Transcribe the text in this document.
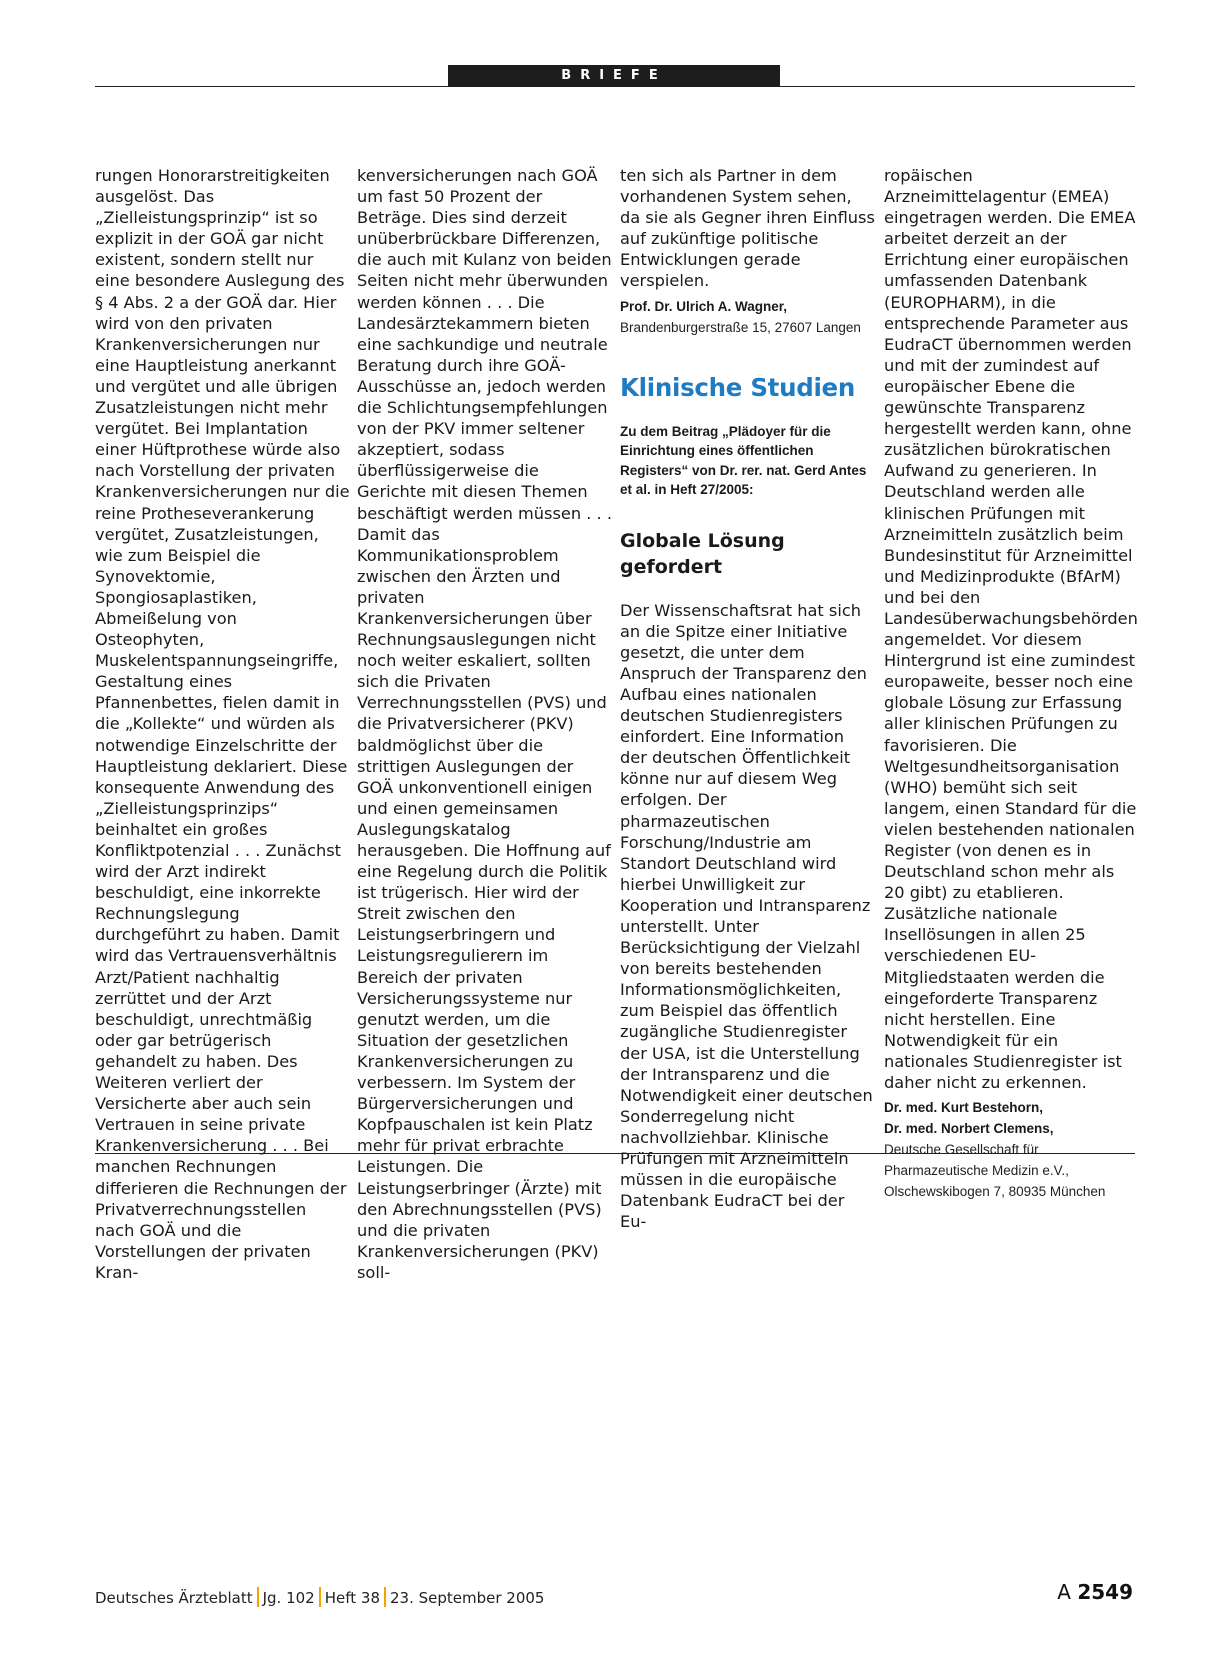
BRIEFE

rungen Honorarstreitigkeiten ausgelöst. Das „Zielleistungsprinzip“ ist so explizit in der GOÄ gar nicht existent, sondern stellt nur eine besondere Auslegung des § 4 Abs. 2 a der GOÄ dar. Hier wird von den privaten Krankenversicherungen nur eine Hauptleistung anerkannt und vergütet und alle übrigen Zusatzleistungen nicht mehr vergütet. Bei Implantation einer Hüftprothese würde also nach Vorstellung der privaten Krankenversicherungen nur die reine Protheseverankerung vergütet, Zusatzleistungen, wie zum Beispiel die Synovektomie, Spongiosaplastiken, Abmeißelung von Osteophyten, Muskelentspannungseingriffe, Gestaltung eines Pfannenbettes, fielen damit in die „Kollekte“ und würden als notwendige Einzelschritte der Hauptleistung deklariert. Diese konsequente Anwendung des „Zielleistungsprinzips“ beinhaltet ein großes Konfliktpotenzial . . . Zunächst wird der Arzt indirekt beschuldigt, eine inkorrekte Rechnungslegung durchgeführt zu haben. Damit wird das Vertrauensverhältnis Arzt/Patient nachhaltig zerrüttet und der Arzt beschuldigt, unrechtmäßig oder gar betrügerisch gehandelt zu haben. Des Weiteren verliert der Versicherte aber auch sein Vertrauen in seine private Krankenversicherung . . . Bei manchen Rechnungen differieren die Rechnungen der Privatverrechnungsstellen nach GOÄ und die Vorstellungen der privaten Kran-

kenversicherungen nach GOÄ um fast 50 Prozent der Beträge. Dies sind derzeit unüberbrückbare Differenzen, die auch mit Kulanz von beiden Seiten nicht mehr überwunden werden können . . . Die Landesärztekammern bieten eine sachkundige und neutrale Beratung durch ihre GOÄ-Ausschüsse an, jedoch werden die Schlichtungsempfehlungen von der PKV immer seltener akzeptiert, sodass überflüssigerweise die Gerichte mit diesen Themen beschäftigt werden müssen . . . Damit das Kommunikationsproblem zwischen den Ärzten und privaten Krankenversicherungen über Rechnungsauslegungen nicht noch weiter eskaliert, sollten sich die Privaten Verrechnungsstellen (PVS) und die Privatversicherer (PKV) baldmöglichst über die strittigen Auslegungen der GOÄ unkonventionell einigen und einen gemeinsamen Auslegungskatalog herausgeben. Die Hoffnung auf eine Regelung durch die Politik ist trügerisch. Hier wird der Streit zwischen den Leistungserbringern und Leistungsregulierern im Bereich der privaten Versicherungssysteme nur genutzt werden, um die Situation der gesetzlichen Krankenversicherungen zu verbessern. Im System der Bürgerversicherungen und Kopfpauschalen ist kein Platz mehr für privat erbrachte Leistungen. Die Leistungserbringer (Ärzte) mit den Abrechnungsstellen (PVS) und die privaten Krankenversicherungen (PKV) soll-

ten sich als Partner in dem vorhandenen System sehen, da sie als Gegner ihren Einfluss auf zukünftige politische Entwicklungen gerade verspielen.

Prof. Dr. Ulrich A. Wagner,
Brandenburgerstraße 15, 27607 Langen
Klinische Studien
Zu dem Beitrag „Plädoyer für die Einrichtung eines öffentlichen Registers“ von Dr. rer. nat. Gerd Antes et al. in Heft 27/2005:
Globale Lösung gefordert

Der Wissenschaftsrat hat sich an die Spitze einer Initiative gesetzt, die unter dem Anspruch der Transparenz den Aufbau eines nationalen deutschen Studienregisters einfordert. Eine Information der deutschen Öffentlichkeit könne nur auf diesem Weg erfolgen. Der pharmazeutischen Forschung/Industrie am Standort Deutschland wird hierbei Unwilligkeit zur Kooperation und Intransparenz unterstellt. Unter Berücksichtigung der Vielzahl von bereits bestehenden Informationsmöglichkeiten, zum Beispiel das öffentlich zugängliche Studienregister der USA, ist die Unterstellung der Intransparenz und die Notwendigkeit einer deutschen Sonderregelung nicht nachvollziehbar. Klinische Prüfungen mit Arzneimitteln müssen in die europäische Datenbank EudraCT bei der Eu-

ropäischen Arzneimittelagentur (EMEA) eingetragen werden. Die EMEA arbeitet derzeit an der Errichtung einer europäischen umfassenden Datenbank (EUROPHARM), in die entsprechende Parameter aus EudraCT übernommen werden und mit der zumindest auf europäischer Ebene die gewünschte Transparenz hergestellt werden kann, ohne zusätzlichen bürokratischen Aufwand zu generieren. In Deutschland werden alle klinischen Prüfungen mit Arzneimitteln zusätzlich beim Bundesinstitut für Arzneimittel und Medizinprodukte (BfArM) und bei den Landesüberwachungsbehörden angemeldet. Vor diesem Hintergrund ist eine zumindest europaweite, besser noch eine globale Lösung zur Erfassung aller klinischen Prüfungen zu favorisieren. Die Weltgesundheitsorganisation (WHO) bemüht sich seit langem, einen Standard für die vielen bestehenden nationalen Register (von denen es in Deutschland schon mehr als 20 gibt) zu etablieren. Zusätzliche nationale Insellösungen in allen 25 verschiedenen EU-Mitgliedstaaten werden die eingeforderte Transparenz nicht herstellen. Eine Notwendigkeit für ein nationales Studienregister ist daher nicht zu erkennen.

Dr. med. Kurt Bestehorn,
Dr. med. Norbert Clemens,
Deutsche Gesellschaft für Pharmazeutische Medizin e.V.,
Olschewskibogen 7, 80935 München
Deutsches Ärzteblatt Jg. 102 Heft 38 23. September 2005	A 2549
